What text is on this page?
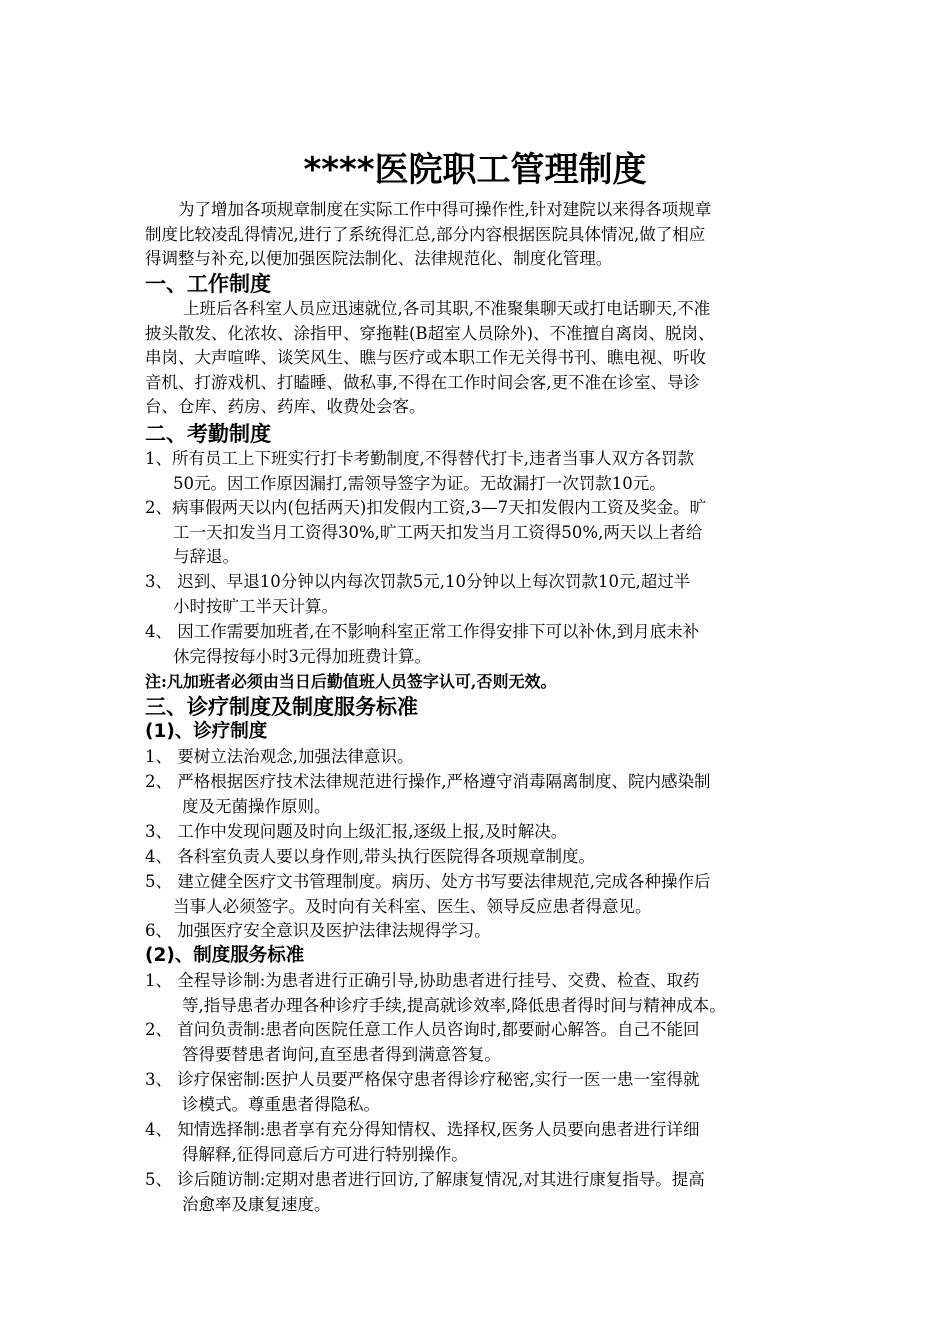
****医院职工管理制度
为了增加各项规章制度在实际工作中得可操作性,针对建院以来得各项规章
制度比较凌乱得情况,进行了系统得汇总,部分内容根据医院具体情况,做了相应
得调整与补充,以便加强医院法制化、法律规范化、制度化管理。
一、工作制度
上班后各科室人员应迅速就位,各司其职,不准聚集聊天或打电话聊天,不准
披头散发、化浓妆、涂指甲、穿拖鞋(B超室人员除外)、不准擅自离岗、脱岗、
串岗、大声喧哗、谈笑风生、瞧与医疗或本职工作无关得书刊、瞧电视、听收
音机、打游戏机、打瞌睡、做私事,不得在工作时间会客,更不准在诊室、导诊
台、仓库、药房、药库、收费处会客。
二、考勤制度
1、所有员工上下班实行打卡考勤制度,不得替代打卡,违者当事人双方各罚款
50元。因工作原因漏打,需领导签字为证。无故漏打一次罚款10元。
2、病事假两天以内(包括两天)扣发假内工资,3—7天扣发假内工资及奖金。旷
工一天扣发当月工资得30%,旷工两天扣发当月工资得50%,两天以上者给
与辞退。
3、 迟到、早退10分钟以内每次罚款5元,10分钟以上每次罚款10元,超过半
小时按旷工半天计算。
4、 因工作需要加班者,在不影响科室正常工作得安排下可以补休,到月底未补
休完得按每小时3元得加班费计算。
注:凡加班者必须由当日后勤值班人员签字认可,否则无效。
三、诊疗制度及制度服务标准
(1)、诊疗制度
1、 要树立法治观念,加强法律意识。
2、 严格根据医疗技术法律规范进行操作,严格遵守消毒隔离制度、院内感染制
度及无菌操作原则。
3、 工作中发现问题及时向上级汇报,逐级上报,及时解决。
4、 各科室负责人要以身作则,带头执行医院得各项规章制度。
5、 建立健全医疗文书管理制度。病历、处方书写要法律规范,完成各种操作后
当事人必须签字。及时向有关科室、医生、领导反应患者得意见。
6、 加强医疗安全意识及医护法律法规得学习。
(2)、制度服务标准
1、 全程导诊制:为患者进行正确引导,协助患者进行挂号、交费、检查、取药
等,指导患者办理各种诊疗手续,提高就诊效率,降低患者得时间与精神成本。
2、 首问负责制:患者向医院任意工作人员咨询时,都要耐心解答。自己不能回
答得要替患者询问,直至患者得到满意答复。
3、 诊疗保密制:医护人员要严格保守患者得诊疗秘密,实行一医一患一室得就
诊模式。尊重患者得隐私。
4、 知情选择制:患者享有充分得知情权、选择权,医务人员要向患者进行详细
得解释,征得同意后方可进行特别操作。
5、 诊后随访制:定期对患者进行回访,了解康复情况,对其进行康复指导。提高
治愈率及康复速度。
